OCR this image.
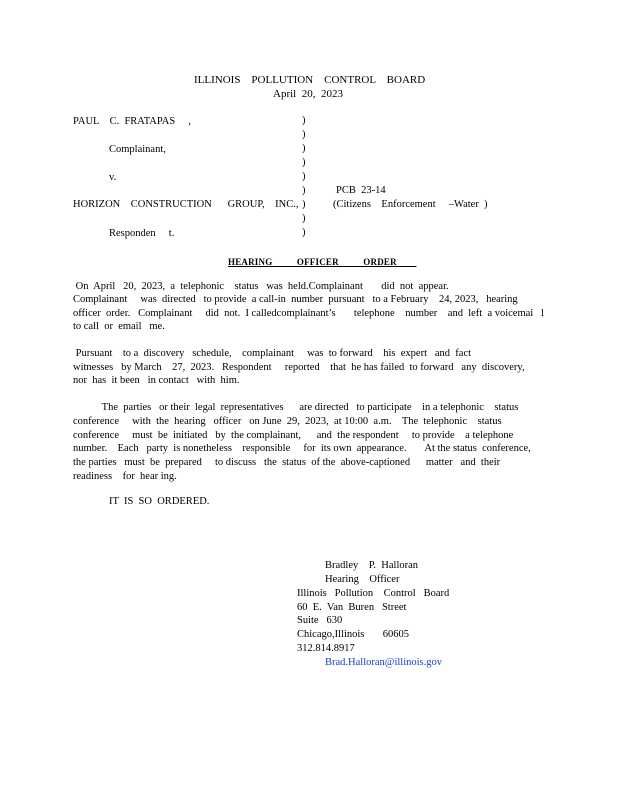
ILLINOIS    POLLUTION    CONTROL    BOARD
April  20,  2023
PAUL    C.  FRATAPAS     ,
Complainant,
v.
HORIZON    CONSTRUCTION      GROUP,    INC.,
Responden     t.
)
)
)
)
)
)
)
)
)
PCB  23-14
(Citizens    Enforcement     –Water  )
HEARING          OFFICER          ORDER
On  April   20,  2023,  a  telephonic    status   was  held.Complainant       did  not  appear.
Complainant     was  directed   to provide  a call-in  number  pursuant   to a February    24, 2023,   hearing
officer  order.   Complainant     did  not.  I calledcomplainant’s       telephone    number    and  left  a voicemai   l
to call  or  email   me.
Pursuant    to a  discovery   schedule,    complainant     was  to forward    his  expert   and  fact
witnesses   by March    27,  2023.   Respondent     reported    that  he has failed  to forward   any  discovery,
nor  has  it been   in contact   with  him.
The  parties   or their  legal  representatives      are directed   to participate    in a telephonic    status
conference     with  the  hearing   officer   on June  29,  2023,  at 10:00  a.m.    The  telephonic    status
conference     must  be  initiated   by  the complainant,      and  the respondent     to provide    a telephone
number.    Each   party  is nonetheless    responsible     for  its own  appearance.       At the status  conference,
the parties   must  be  prepared     to discuss   the  status  of the  above-captioned      matter   and  their
readiness    for  hear ing.
IT  IS  SO  ORDERED.
Bradley    P.  Halloran
Hearing    Officer
Illinois   Pollution    Control   Board
60  E.  Van  Buren   Street
Suite   630
Chicago,Illinois       60605
312.814.8917
Brad.Halloran@illinois.gov
